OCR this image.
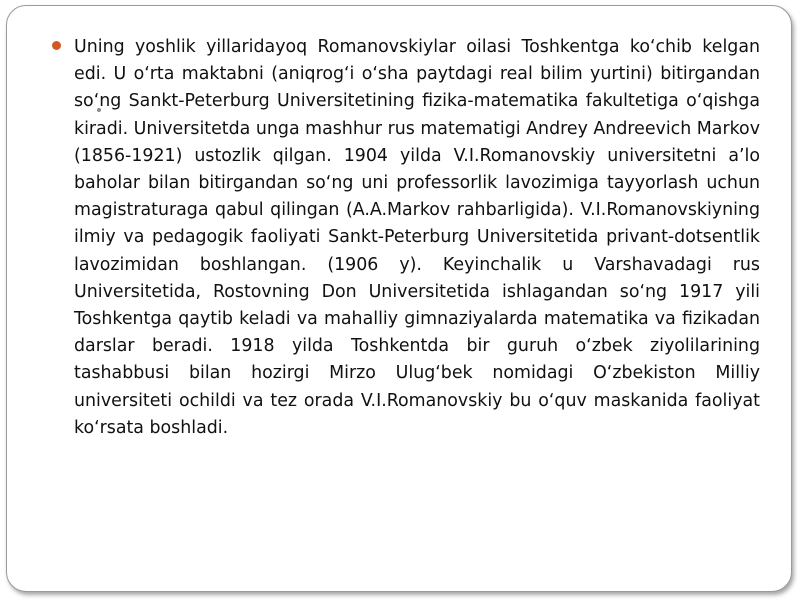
Uning yoshlik yillaridayoq Romanovskiylar oilasi Toshkentga ko‘chib kelgan edi. U o‘rta maktabni (aniqrog‘i o‘sha paytdagi real bilim yurtini) bitirgandan so‘ng Sankt-Peterburg Universitetining fizika-matematika fakultetiga o‘qishga kiradi. Universitetda unga mashhur rus matematigi Andrey Andreevich Markov (1856-1921) ustozlik qilgan. 1904 yilda V.I.Romanovskiy universitetni a’lo baholar bilan bitirgandan so‘ng uni professorlik lavozimiga tayyorlash uchun magistraturaga qabul qilingan (A.A.Markov rahbarligida). V.I.Romanovskiyning ilmiy va pedagogik faoliyati Sankt-Peterburg Universitetida privant-dotsentlik lavozimidan boshlangan. (1906 y). Keyinchalik u Varshavadagi rus Universitetida, Rostovning Don Universitetida ishlagandan so‘ng 1917 yili Toshkentga qaytib keladi va mahalliy gimnaziyalarda matematika va fizikadan darslar beradi. 1918 yilda Toshkentda bir guruh o‘zbek ziyolilarining tashabbusi bilan hozirgi Mirzo Ulug‘bek nomidagi O‘zbekiston Milliy universiteti ochildi va tez orada V.I.Romanovskiy bu o‘quv maskanida faoliyat ko‘rsata boshladi.
